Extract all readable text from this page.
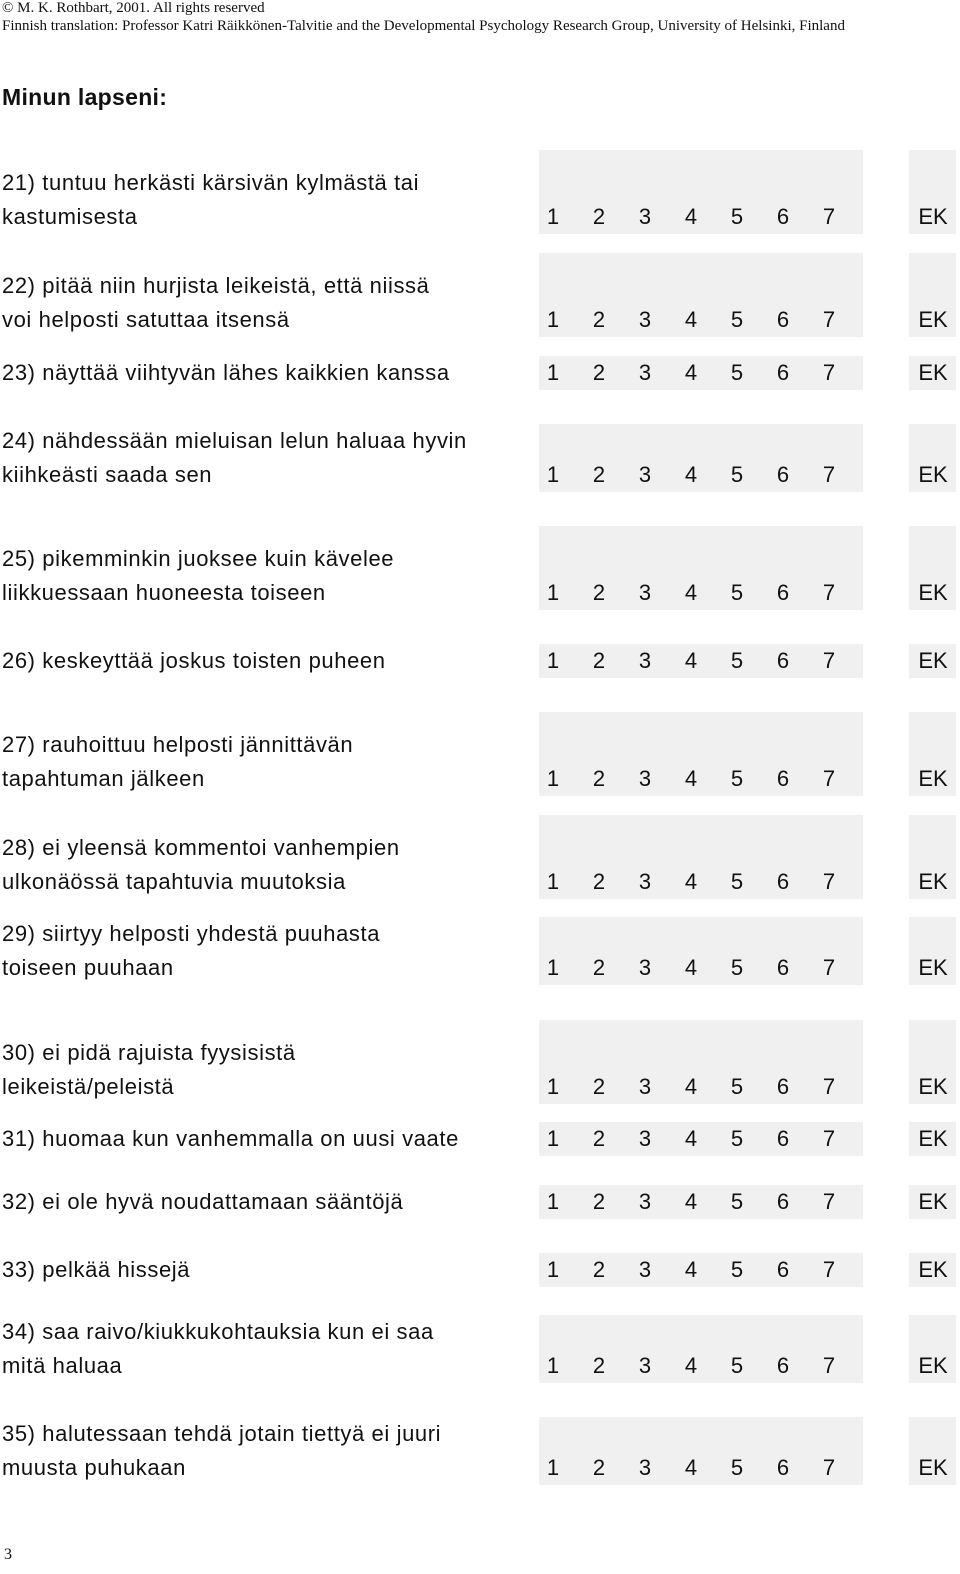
© M. K. Rothbart, 2001. All rights reserved
Finnish translation: Professor Katri Räikkönen-Talvitie and the Developmental Psychology Research Group, University of Helsinki, Finland
Minun lapseni:
21) tuntuu herkästi kärsivän kylmästä tai
kastumisesta	1 2 3 4 5 6 7	EK
22) pitää niin hurjista leikeistä, että niissä
voi helposti satuttaa itsensä	1 2 3 4 5 6 7	EK
23) näyttää viihtyvän lähes kaikkien kanssa	1 2 3 4 5 6 7	EK
24) nähdessään mieluisan lelun haluaa hyvin
kiihkeästi saada sen	1 2 3 4 5 6 7	EK
25) pikemminkin juoksee kuin kävelee
liikkuessaan huoneesta toiseen	1 2 3 4 5 6 7	EK
26) keskeyttää joskus toisten puheen	1 2 3 4 5 6 7	EK
27) rauhoittuu helposti jännittävän
tapahtuman jälkeen	1 2 3 4 5 6 7	EK
28) ei yleensä kommentoi vanhempien
ulkonäössä tapahtuvia muutoksia	1 2 3 4 5 6 7	EK
29) siirtyy helposti yhdestä puuhasta
toiseen puuhaan	1 2 3 4 5 6 7	EK
30) ei pidä rajuista fyysisistä
leikeistä/peleistä	1 2 3 4 5 6 7	EK
31) huomaa kun vanhemmalla on uusi vaate	1 2 3 4 5 6 7	EK
32) ei ole hyvä noudattamaan sääntöjä	1 2 3 4 5 6 7	EK
33) pelkää hissejä	1 2 3 4 5 6 7	EK
34) saa raivo/kiukkukohtauksia kun ei saa
mitä haluaa	1 2 3 4 5 6 7	EK
35) halutessaan tehdä jotain tiettyä ei juuri
muusta puhukaan	1 2 3 4 5 6 7	EK
3
